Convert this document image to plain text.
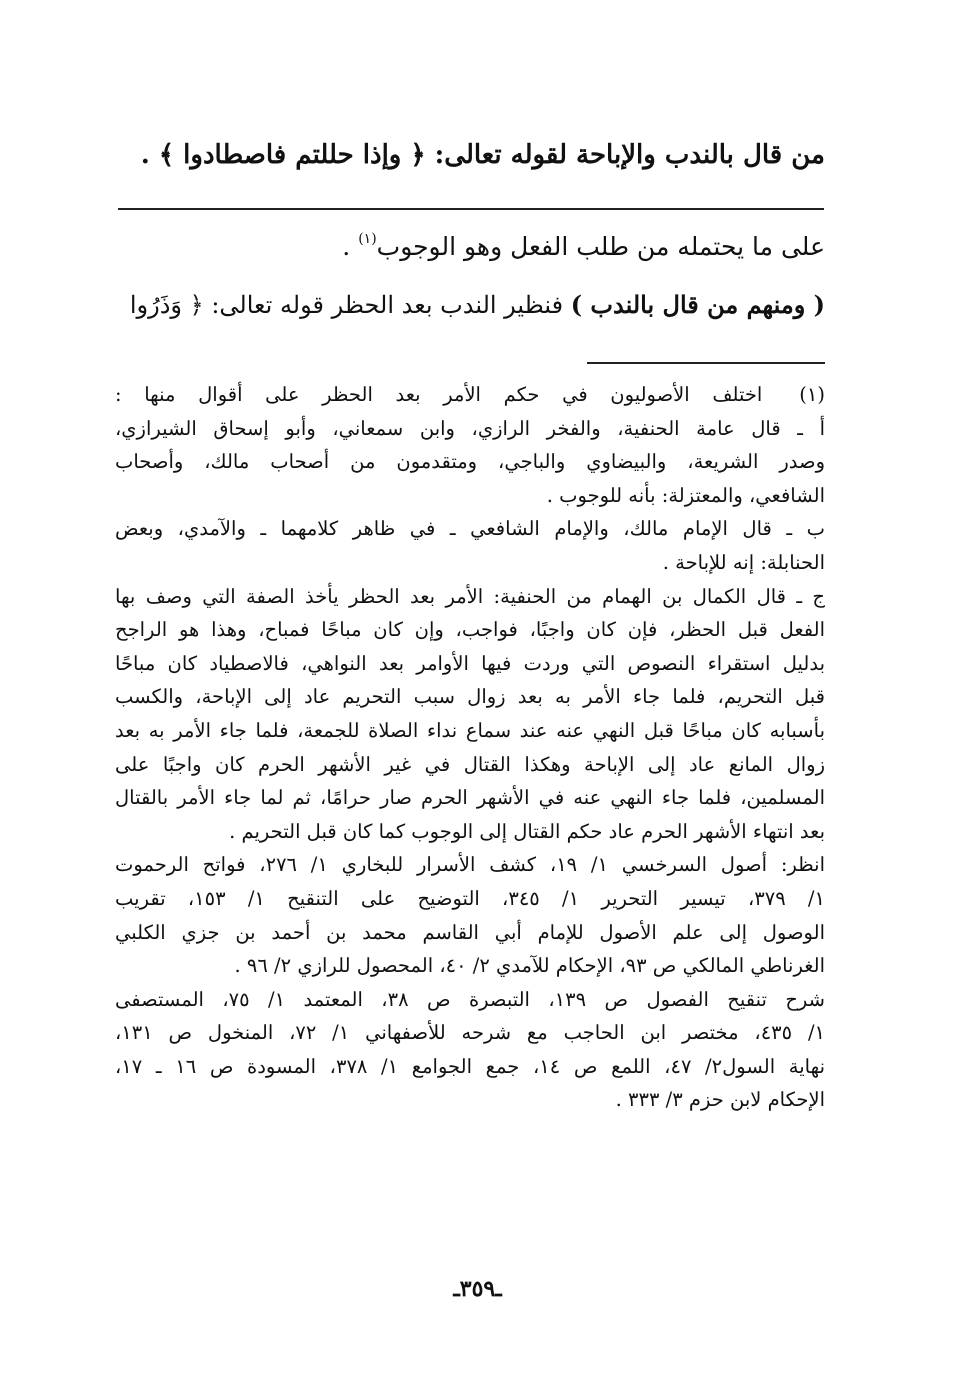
من قال بالندب والإباحة لقوله تعالى: ﴿ وإذا حللتم فاصطادوا ﴾ .
على ما يحتمله من طلب الفعل وهو الوجوب$^{(١)}$ .
( ومنهم من قال بالندب ) فنظير الندب بعد الحظر قوله تعالى: ﴿ وَذَرُوا
(١) اختلف الأصوليون في حكم الأمر بعد الحظر على أقوال منها :
أ ـ قال عامة الحنفية، والفخر الرازي، وابن سمعاني، وأبو إسحاق الشيرازي،
وصدر الشريعة، والبيضاوي والباجي، ومتقدمون من أصحاب مالك، وأصحاب
الشافعي، والمعتزلة: بأنه للوجوب .
ب ـ قال الإمام مالك، والإمام الشافعي ـ في ظاهر كلامهما ـ والآمدي، وبعض
الحنابلة: إنه للإباحة .
ج ـ قال الكمال بن الهمام من الحنفية: الأمر بعد الحظر يأخذ الصفة التي وصف بها
الفعل قبل الحظر، فإن كان واجبًا، فواجب، وإن كان مباحًا فمباح، وهذا هو الراجح
بدليل استقراء النصوص التي وردت فيها الأوامر بعد النواهي، فالاصطياد كان مباحًا
قبل التحريم، فلما جاء الأمر به بعد زوال سبب التحريم عاد إلى الإباحة، والكسب
بأسبابه كان مباحًا قبل النهي عنه عند سماع نداء الصلاة للجمعة، فلما جاء الأمر به بعد
زوال المانع عاد إلى الإباحة وهكذا القتال في غير الأشهر الحرم كان واجبًا على
المسلمين، فلما جاء النهي عنه في الأشهر الحرم صار حرامًا، ثم لما جاء الأمر بالقتال
بعد انتهاء الأشهر الحرم عاد حكم القتال إلى الوجوب كما كان قبل التحريم .
انظر: أصول السرخسي ١/ ١٩، كشف الأسرار للبخاري ١/ ٢٧٦، فواتح الرحموت
١/ ٣٧٩، تيسير التحرير ١/ ٣٤٥، التوضيح على التنقيح ١/ ١٥٣، تقريب
الوصول إلى علم الأصول للإمام أبي القاسم محمد بن أحمد بن جزي الكلبي
الغرناطي المالكي ص ٩٣، الإحكام للآمدي ٢/ ٤٠، المحصول للرازي ٢/ ٩٦ .
شرح تنقيح الفصول ص ١٣٩، التبصرة ص ٣٨، المعتمد ١/ ٧٥، المستصفى
١/ ٤٣٥، مختصر ابن الحاجب مع شرحه للأصفهاني ١/ ٧٢، المنخول ص ١٣١،
نهاية السول٢/ ٤٧، اللمع ص ١٤، جمع الجوامع ١/ ٣٧٨، المسودة ص ١٦ ـ ١٧،
الإحكام لابن حزم ٣/ ٣٣٣ .
ـ٣٥٩ـ
